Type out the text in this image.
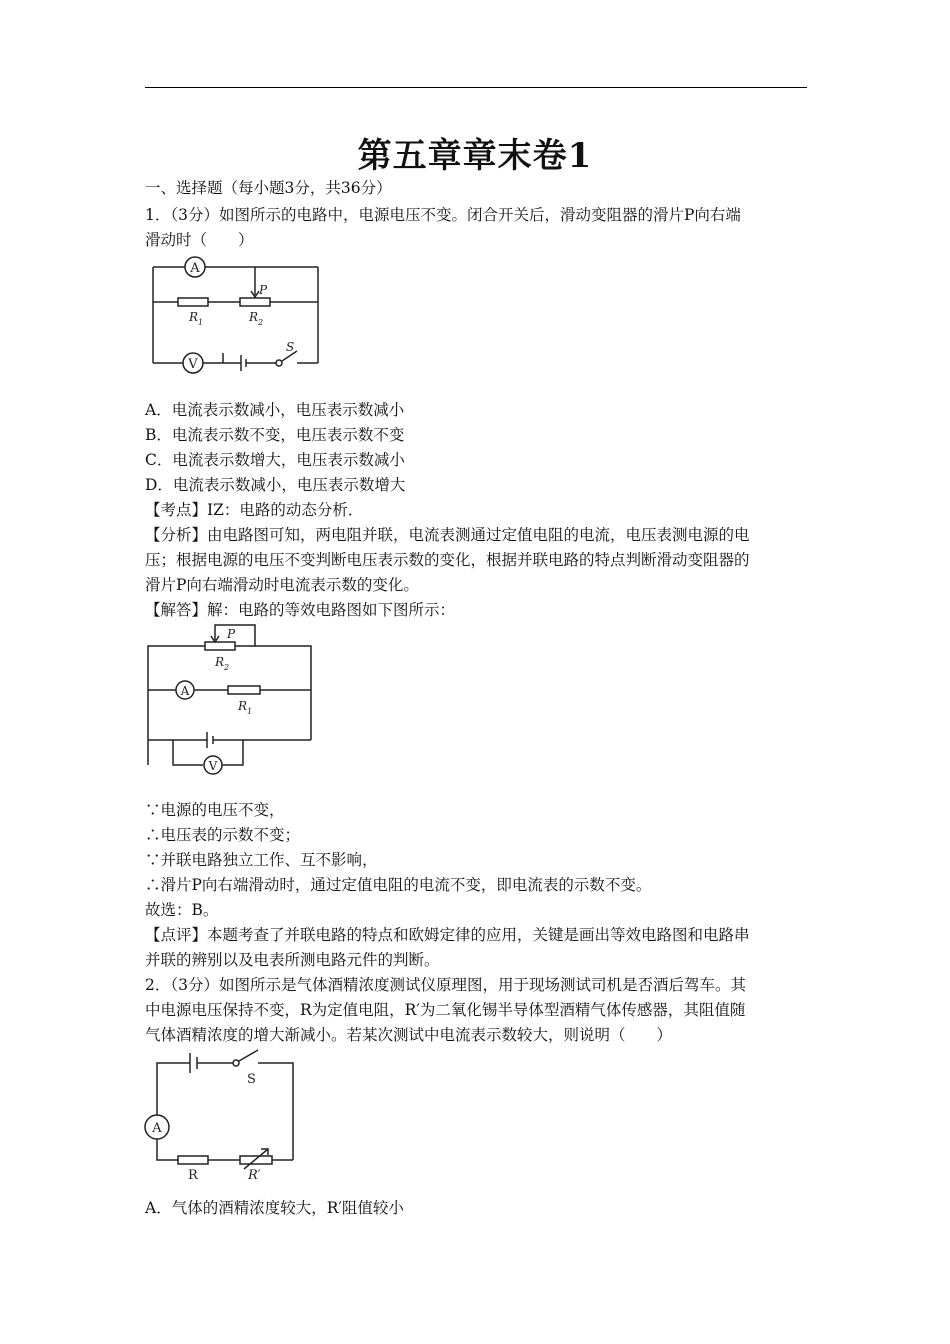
第五章章末卷1
一、选择题（每小题3分，共36分）
1．（3分）如图所示的电路中，电源电压不变。闭合开关后，滑动变阻器的滑片P向右端
滑动时（　　）
A
P
R 1	R 2
V
S
A．电流表示数减小，电压表示数减小
B．电流表示数不变，电压表示数不变
C．电流表示数增大，电压表示数减小
D．电流表示数减小，电压表示数增大
【考点】IZ：电路的动态分析．
【分析】由电路图可知，两电阻并联，电流表测通过定值电阻的电流，电压表测电源的电
压；根据电源的电压不变判断电压表示数的变化，根据并联电路的特点判断滑动变阻器的
滑片P向右端滑动时电流表示数的变化。
【解答】解：电路的等效电路图如下图所示：
P
R 2
A
R 1
V
∵电源的电压不变，
∴电压表的示数不变；
∵并联电路独立工作、互不影响，
∴滑片P向右端滑动时，通过定值电阻的电流不变，即电流表的示数不变。
故选：B。
【点评】本题考查了并联电路的特点和欧姆定律的应用，关键是画出等效电路图和电路串
并联的辨别以及电表所测电路元件的判断。
2．（3分）如图所示是气体酒精浓度测试仪原理图，用于现场测试司机是否酒后驾车。其
中电源电压保持不变，R为定值电阻，R′为二氧化锡半导体型酒精气体传感器，其阻值随
气体酒精浓度的增大渐减小。若某次测试中电流表示数较大，则说明（　　）
S
A
R	R′
A．气体的酒精浓度较大，R′阻值较小
